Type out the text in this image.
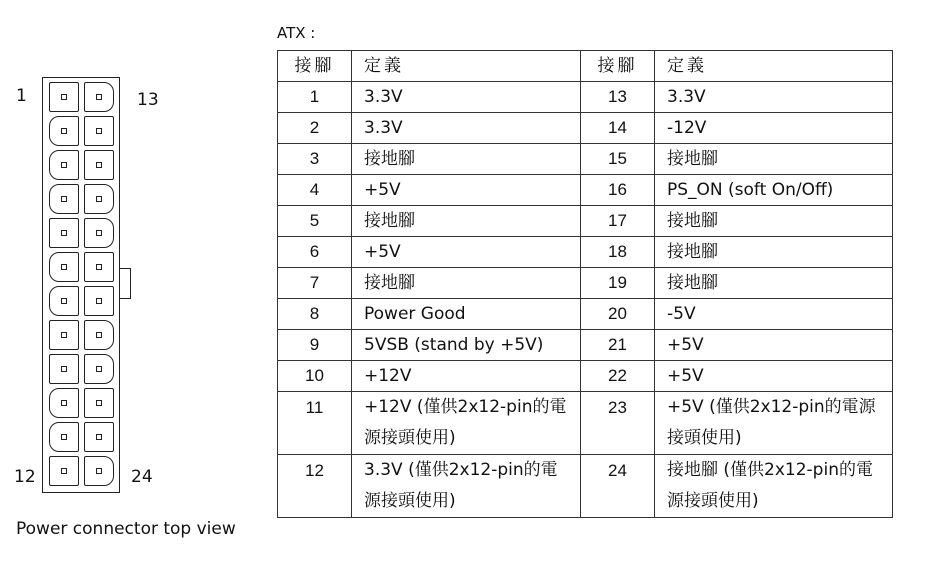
1	13
12	24
Power connector top view
ATX :
接腳	定義	接腳	定義
1	3.3V	13	3.3V
2	3.3V	14	-12V
3	接地腳	15	接地腳
4	+5V	16	PS_ON (soft On/Off)
5	接地腳	17	接地腳
6	+5V	18	接地腳
7	接地腳	19	接地腳
8	Power Good	20	-5V
9	5VSB (stand by +5V)	21	+5V
10	+12V	22	+5V
11	+12V (僅供2x12-pin的電源接頭使用)	23	+5V (僅供2x12-pin的電源接頭使用)
12	3.3V (僅供2x12-pin的電源接頭使用)	24	接地腳 (僅供2x12-pin的電源接頭使用)
